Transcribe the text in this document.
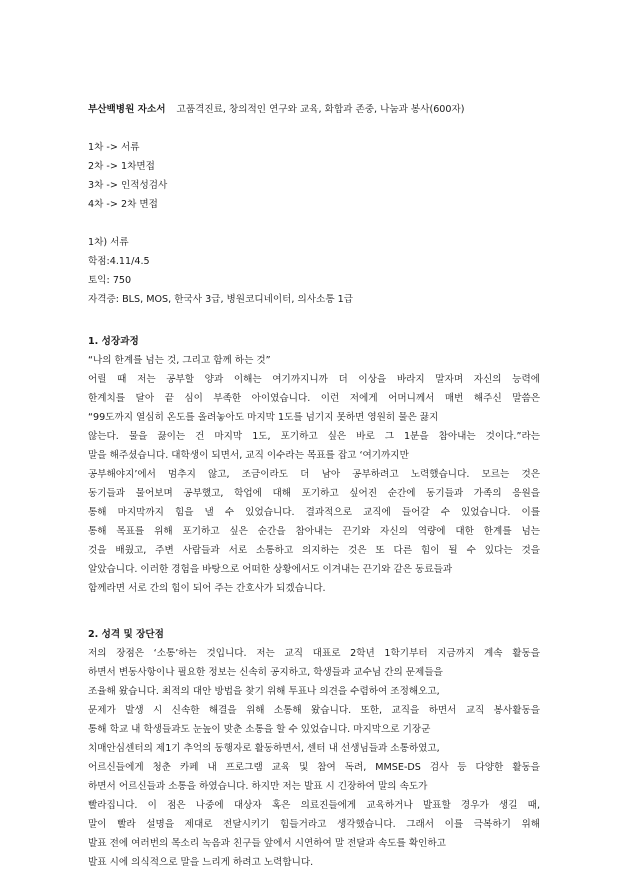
부산백병원 자소서 고품격진료, 창의적인 연구와 교육, 화합과 존중, 나눔과 봉사(600자)
1차 -> 서류
2차 -> 1차면접
3차 -> 인적성검사
4차 -> 2차 면접
1차) 서류
학점:4.11/4.5
토익: 750
자격증: BLS, MOS, 한국사 3급, 병원코디네이터, 의사소통 1급
1. 성장과정
“나의 한계를 넘는 것, 그리고 함께 하는 것”
어릴 때 저는 공부할 양과 이해는 여기까지니까 더 이상을 바라지 말자며 자신의 능력에
한계치를 달아 끝 심이 부족한 아이였습니다. 이런 저에게 어머니께서 매번 해주신 말씀은
“99도까지 열심히 온도를 올려놓아도 마지막 1도를 넘기지 못하면 영원히 물은 끓지
않는다. 물을 끓이는 건 마지막 1도, 포기하고 싶은 바로 그 1분을 참아내는 것이다.”라는
말을 해주셨습니다. 대학생이 되면서, 교직 이수라는 목표를 잡고 ‘여기까지만
공부해야지’에서 멈추지 않고, 조금이라도 더 남아 공부하려고 노력했습니다. 모르는 것은
동기들과 물어보며 공부했고, 학업에 대해 포기하고 싶어진 순간에 동기들과 가족의 응원을
통해 마지막까지 힘을 낼 수 있었습니다. 결과적으로 교직에 들어갈 수 있었습니다. 이를
통해 목표를 위해 포기하고 싶은 순간을 참아내는 끈기와 자신의 역량에 대한 한계를 넘는
것을 배웠고, 주변 사람들과 서로 소통하고 의지하는 것은 또 다른 힘이 될 수 있다는 것을
알았습니다. 이러한 경험을 바탕으로 어떠한 상황에서도 이겨내는 끈기와 같은 동료들과
함께라면 서로 간의 힘이 되어 주는 간호사가 되겠습니다.
2. 성격 및 장단점
저의 장점은 ‘소통’하는 것입니다. 저는 교직 대표로 2학년 1학기부터 지금까지 계속 활동을
하면서 변동사항이나 필요한 정보는 신속히 공지하고, 학생들과 교수님 간의 문제들을
조율해 왔습니다. 최적의 대안 방법을 찾기 위해 투표나 의견을 수렴하여 조정해오고,
문제가 발생 시 신속한 해결을 위해 소통해 왔습니다. 또한, 교직을 하면서 교직 봉사활동을
통해 학교 내 학생들과도 눈높이 맞춘 소통을 할 수 있었습니다. 마지막으로 기장군
치매안심센터의 제1기 추억의 동행자로 활동하면서, 센터 내 선생님들과 소통하였고,
어르신들에게 청춘 카페 내 프로그램 교육 및 참여 독려, MMSE-DS 검사 등 다양한 활동을
하면서 어르신들과 소통을 하였습니다. 하지만 저는 발표 시 긴장하여 말의 속도가
빨라집니다. 이 점은 나중에 대상자 혹은 의료진들에게 교육하거나 발표할 경우가 생길 때,
말이 빨라 설명을 제대로 전달시키기 힘들거라고 생각했습니다. 그래서 이를 극복하기 위해
발표 전에 여러번의 목소리 녹음과 친구들 앞에서 시연하여 말 전달과 속도를 확인하고
발표 시에 의식적으로 말을 느리게 하려고 노력합니다.
